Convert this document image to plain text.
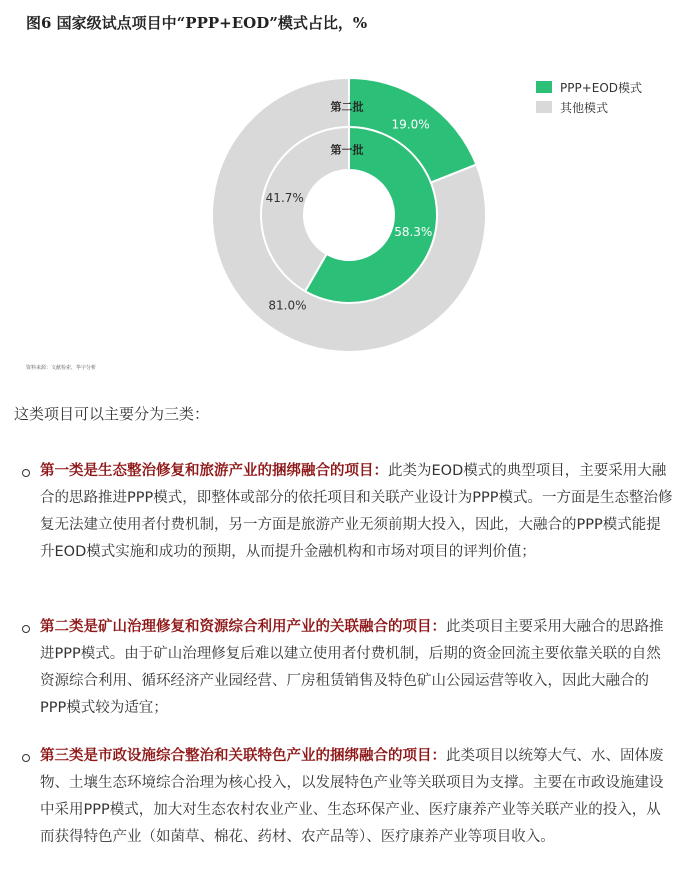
图6 国家级试点项目中“PPP+EOD”模式占比，%
19.0%
81.0%
第二批
58.3%
41.7%
第一批
PPP+EOD模式
其他模式
资料来源：文献检索，华宇分析
这类项目可以主要分为三类：
第一类是生态整治修复和旅游产业的捆绑融合的项目：此类为EOD模式的典型项目，主要采用大融合的思路推进PPP模式，即整体或部分的依托项目和关联产业设计为PPP模式。一方面是生态整治修复无法建立使用者付费机制，另一方面是旅游产业无须前期大投入，因此，大融合的PPP模式能提升EOD模式实施和成功的预期，从而提升金融机构和市场对项目的评判价值；
第二类是矿山治理修复和资源综合利用产业的关联融合的项目：此类项目主要采用大融合的思路推进PPP模式。由于矿山治理修复后难以建立使用者付费机制，后期的资金回流主要依靠关联的自然资源综合利用、循环经济产业园经营、厂房租赁销售及特色矿山公园运营等收入，因此大融合的PPP模式较为适宜；
第三类是市政设施综合整治和关联特色产业的捆绑融合的项目：此类项目以统筹大气、水、固体废物、土壤生态环境综合治理为核心投入，以发展特色产业等关联项目为支撑。主要在市政设施建设中采用PPP模式，加大对生态农村农业产业、生态环保产业、医疗康养产业等关联产业的投入，从而获得特色产业（如菌草、棉花、药材、农产品等）、医疗康养产业等项目收入。
